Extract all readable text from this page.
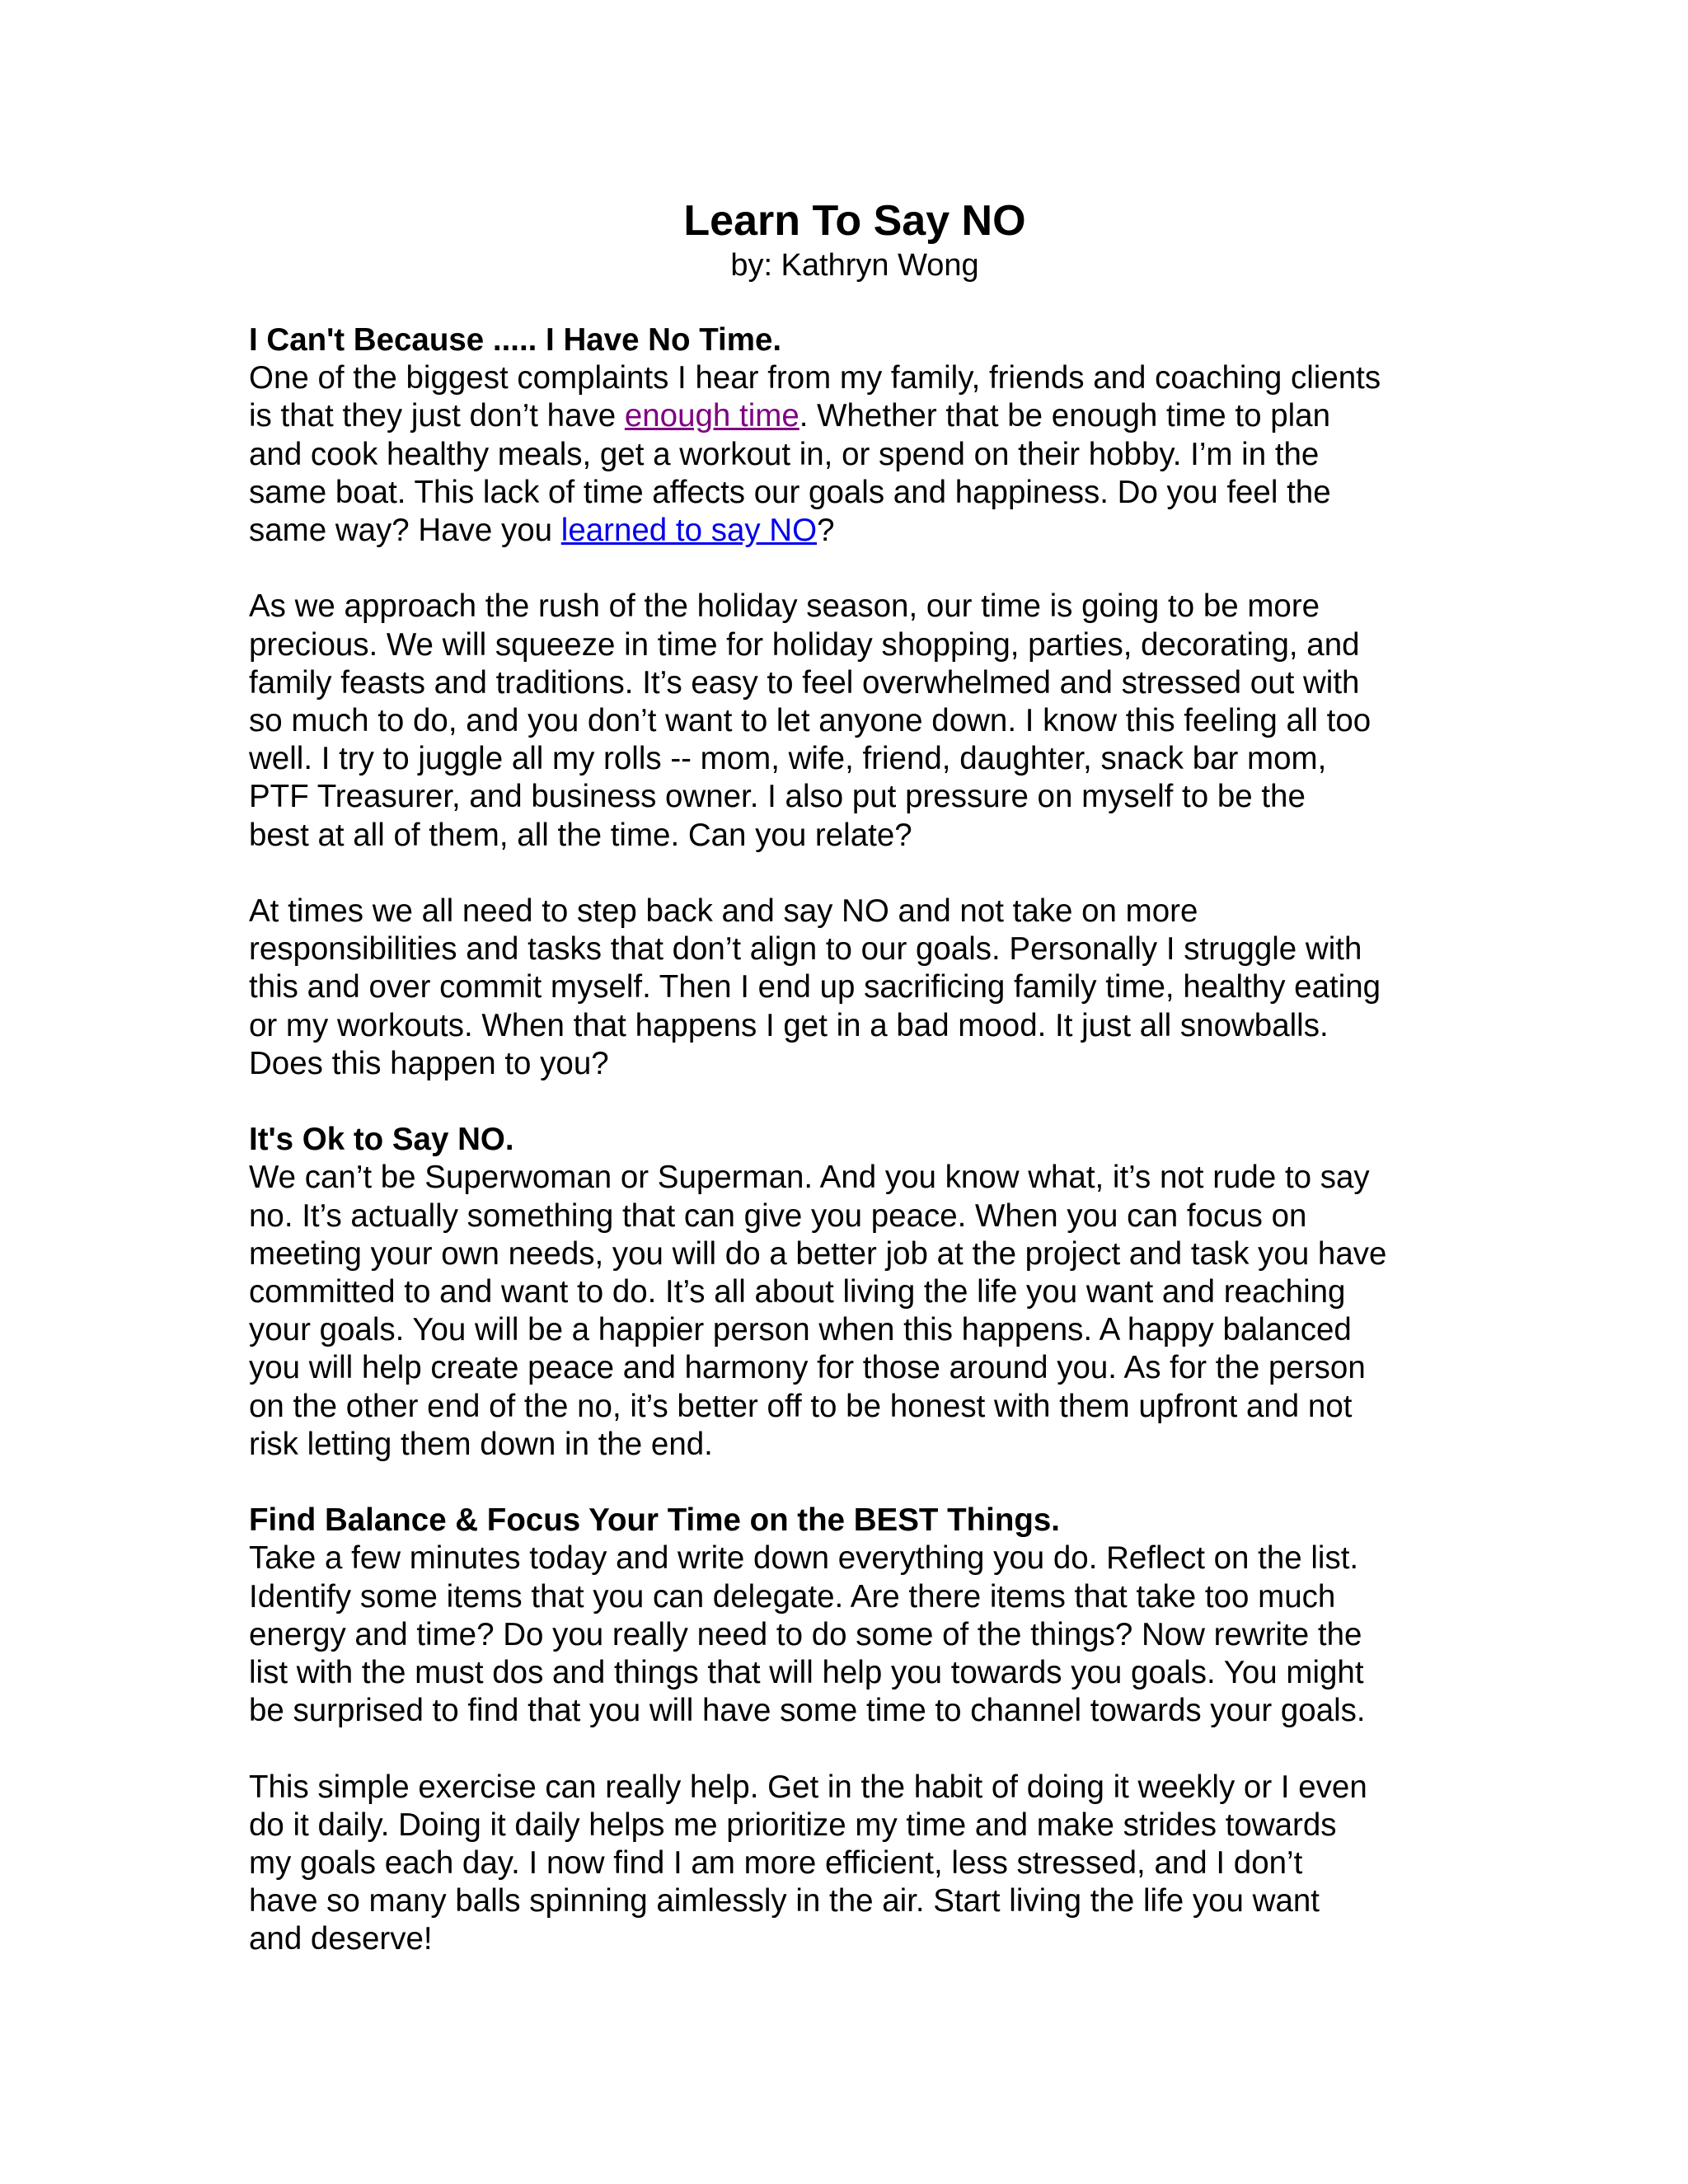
Learn To Say NO

by: Kathryn Wong

I Can't Because ..... I Have No Time.

One of the biggest complaints I hear from my family, friends and coaching clients
is that they just don’t have enough time. Whether that be enough time to plan
and cook healthy meals, get a workout in, or spend on their hobby. I’m in the
same boat. This lack of time affects our goals and happiness. Do you feel the
same way? Have you learned to say NO?

As we approach the rush of the holiday season, our time is going to be more
precious. We will squeeze in time for holiday shopping, parties, decorating, and
family feasts and traditions. It’s easy to feel overwhelmed and stressed out with
so much to do, and you don’t want to let anyone down. I know this feeling all too
well. I try to juggle all my rolls -- mom, wife, friend, daughter, snack bar mom,
PTF Treasurer, and business owner. I also put pressure on myself to be the
best at all of them, all the time. Can you relate?

At times we all need to step back and say NO and not take on more
responsibilities and tasks that don’t align to our goals. Personally I struggle with
this and over commit myself. Then I end up sacrificing family time, healthy eating
or my workouts. When that happens I get in a bad mood. It just all snowballs.
Does this happen to you?

It's Ok to Say NO.

We can’t be Superwoman or Superman. And you know what, it’s not rude to say
no. It’s actually something that can give you peace. When you can focus on
meeting your own needs, you will do a better job at the project and task you have
committed to and want to do. It’s all about living the life you want and reaching
your goals. You will be a happier person when this happens. A happy balanced
you will help create peace and harmony for those around you. As for the person
on the other end of the no, it’s better off to be honest with them upfront and not
risk letting them down in the end.

Find Balance & Focus Your Time on the BEST Things.

Take a few minutes today and write down everything you do. Reflect on the list.
Identify some items that you can delegate. Are there items that take too much
energy and time? Do you really need to do some of the things? Now rewrite the
list with the must dos and things that will help you towards you goals. You might
be surprised to find that you will have some time to channel towards your goals.

This simple exercise can really help. Get in the habit of doing it weekly or I even
do it daily. Doing it daily helps me prioritize my time and make strides towards
my goals each day. I now find I am more efficient, less stressed, and I don’t
have so many balls spinning aimlessly in the air. Start living the life you want
and deserve!
